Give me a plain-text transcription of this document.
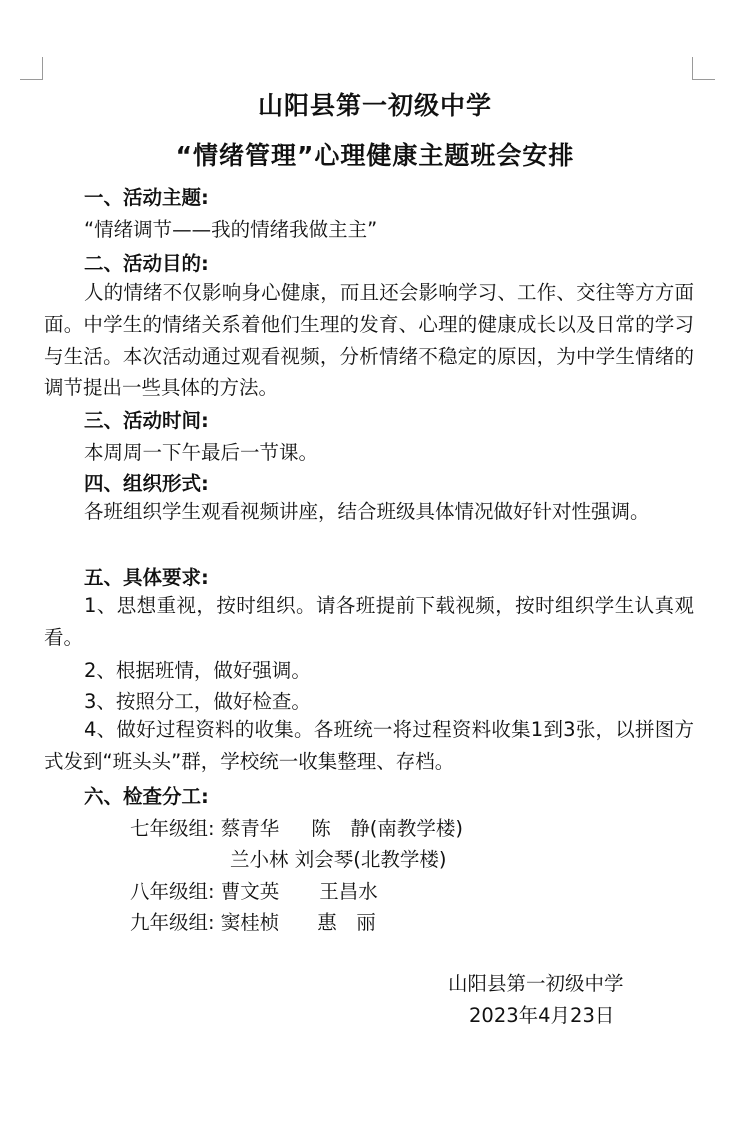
山阳县第一初级中学
“情绪管理”心理健康主题班会安排
一、活动主题:
“情绪调节——我的情绪我做主主”
二、活动目的:

人的情绪不仅影响身心健康，而且还会影响学习、工作、交往等方方面面。中学生的情绪关系着他们生理的发育、心理的健康成长以及日常的学习与生活。本次活动通过观看视频，分析情绪不稳定的原因，为中学生情绪的调节提出一些具体的方法。

三、活动时间:
本周周一下午最后一节课。
四、组织形式:

各班组织学生观看视频讲座，结合班级具体情况做好针对性强调。

五、具体要求:

1、思想重视，按时组织。请各班提前下载视频，按时组织学生认真观看。

2、根据班情，做好强调。
3、按照分工，做好检查。

4、做好过程资料的收集。各班统一将过程资料收集1到3张，以拼图方式发到“班头头”群，学校统一收集整理、存档。

六、检查分工:
七年级组: 蔡青华 陈　静(南教学楼)
兰小林 刘会琴(北教学楼)
八年级组: 曹文英 王昌水
九年级组: 窦桂桢 惠　丽
山阳县第一初级中学
2023年4月23日
